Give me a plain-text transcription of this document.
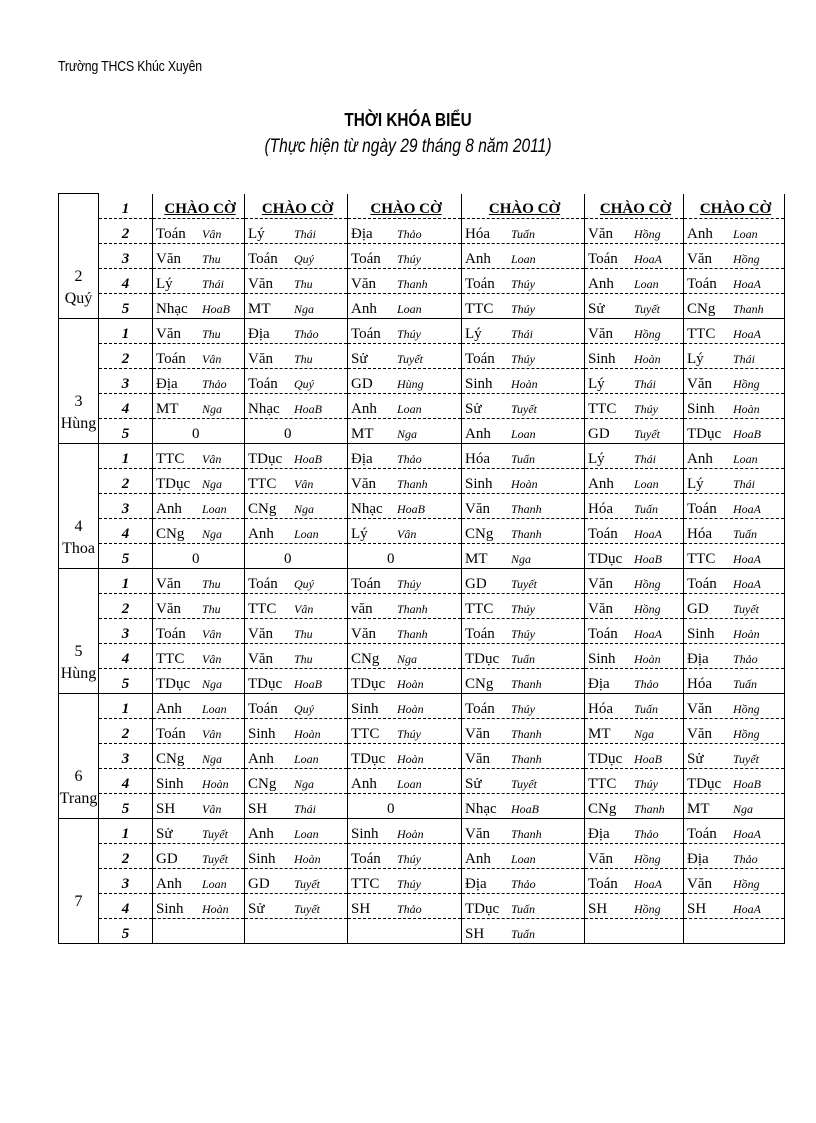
Trường THCS Khúc Xuyên
THỜI KHÓA BIỂU
(Thực hiện từ ngày 29 tháng 8 năm 2011)
2
Quý	1	CHÀO CỜ	CHÀO CỜ	CHÀO CỜ	CHÀO CỜ	CHÀO CỜ	CHÀO CỜ

	2	Toán Vân	Lý Thái	Địa Thảo	Hóa Tuấn	Văn Hồng	Anh Loan

	3	Văn Thu	Toán Quý	Toán Thúy	Anh Loan	Toán HoaA	Văn Hồng

	4	Lý Thái	Văn Thu	Văn Thanh	Toán Thúy	Anh Loan	Toán HoaA

	5	Nhạc HoaB	MT Nga	Anh Loan	TTC Thúy	Sử Tuyết	CNg Thanh

3
Hùng	1	Văn Thu	Địa Thảo	Toán Thúy	Lý Thái	Văn Hồng	TTC HoaA

	2	Toán Vân	Văn Thu	Sử Tuyết	Toán Thúy	Sinh Hoàn	Lý Thái

	3	Địa Thảo	Toán Quý	GD Hùng	Sinh Hoàn	Lý Thái	Văn Hồng

	4	MT Nga	Nhạc HoaB	Anh Loan	Sử Tuyết	TTC Thúy	Sinh Hoàn

	5	0	0	MT Nga	Anh Loan	GD Tuyết	TDục HoaB

4
Thoa	1	TTC Vân	TDục HoaB	Địa Thảo	Hóa Tuấn	Lý Thái	Anh Loan

	2	TDục Nga	TTC Vân	Văn Thanh	Sinh Hoàn	Anh Loan	Lý Thái

	3	Anh Loan	CNg Nga	Nhạc HoaB	Văn Thanh	Hóa Tuấn	Toán HoaA

	4	CNg Nga	Anh Loan	Lý Vân	CNg Thanh	Toán HoaA	Hóa Tuấn

	5	0	0	0	MT Nga	TDục HoaB	TTC HoaA

5
Hùng	1	Văn Thu	Toán Quý	Toán Thúy	GD Tuyết	Văn Hồng	Toán HoaA

	2	Văn Thu	TTC Vân	văn Thanh	TTC Thúy	Văn Hồng	GD Tuyết

	3	Toán Vân	Văn Thu	Văn Thanh	Toán Thúy	Toán HoaA	Sinh Hoàn

	4	TTC Vân	Văn Thu	CNg Nga	TDục Tuấn	Sinh Hoàn	Địa Thảo

	5	TDục Nga	TDục HoaB	TDục Hoàn	CNg Thanh	Địa Thảo	Hóa Tuấn

6
Trang	1	Anh Loan	Toán Quý	Sinh Hoàn	Toán Thúy	Hóa Tuấn	Văn Hồng

	2	Toán Vân	Sinh Hoàn	TTC Thúy	Văn Thanh	MT Nga	Văn Hồng

	3	CNg Nga	Anh Loan	TDục Hoàn	Văn Thanh	TDục HoaB	Sử Tuyết

	4	Sinh Hoàn	CNg Nga	Anh Loan	Sử Tuyết	TTC Thúy	TDục HoaB

	5	SH Vân	SH Thái	0	Nhạc HoaB	CNg Thanh	MT Nga

7	1	Sử Tuyết	Anh Loan	Sinh Hoàn	Văn Thanh	Địa Thảo	Toán HoaA

	2	GD Tuyết	Sinh Hoàn	Toán Thúy	Anh Loan	Văn Hồng	Địa Thảo

	3	Anh Loan	GD Tuyết	TTC Thúy	Địa Thảo	Toán HoaA	Văn Hồng

	4	Sinh Hoàn	Sử Tuyết	SH Thảo	TDục Tuấn	SH Hồng	SH HoaA

	5				SH Tuấn		
